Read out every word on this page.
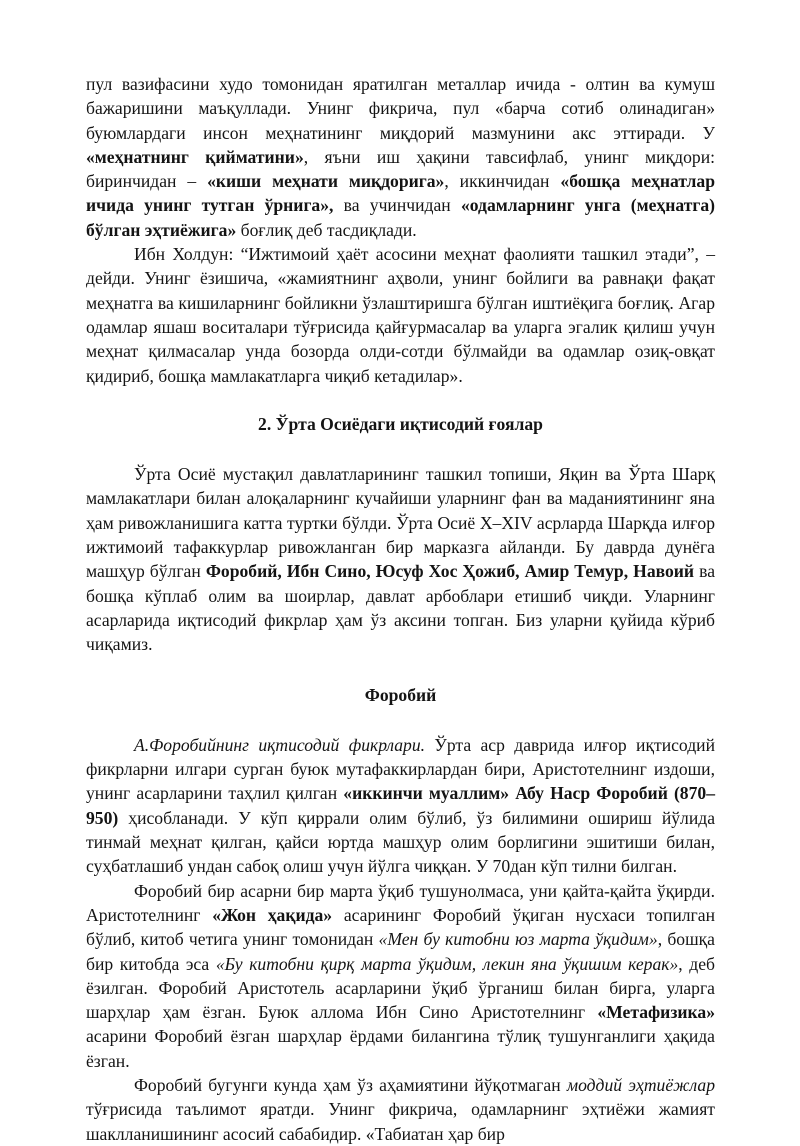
пул вазифасини худо томонидан яратилган металлар ичида - олтин ва кумуш бажаришини маъқуллади. Унинг фикрича, пул «барча сотиб олинадиган» буюмлардаги инсон меҳнатининг миқдорий мазмунини акс эттиради. У «меҳнатнинг қийматини», яъни иш ҳақини тавсифлаб, унинг миқдори: биринчидан – «киши меҳнати миқдорига», иккинчидан «бошқа меҳнатлар ичида унинг тутган ўрнига», ва учинчидан «одамларнинг унга (меҳнатга) бўлган эҳтиёжига» боғлиқ деб тасдиқлади.

Ибн Холдун: “Ижтимоий ҳаёт асосини меҳнат фаолияти ташкил этади”, – дейди. Унинг ёзишича, «жамиятнинг аҳволи, унинг бойлиги ва равнақи фақат меҳнатга ва кишиларнинг бойликни ўзлаштиришга бўлган иштиёқига боғлиқ. Агар одамлар яшаш воситалари тўғрисида қайғурмасалар ва уларга эгалик қилиш учун меҳнат қилмасалар унда бозорда олди-сотди бўлмайди ва одамлар озиқ-овқат қидириб, бошқа мамлакатларга чиқиб кетадилар».

2. Ўрта Осиёдаги иқтисодий ғоялар

Ўрта Осиё мустақил давлатларининг ташкил топиши, Яқин ва Ўрта Шарқ мамлакатлари билан алоқаларнинг кучайиши уларнинг фан ва маданиятининг яна ҳам ривожланишига катта туртки бўлди. Ўрта Осиё X–XIV асрларда Шарқда илғор ижтимоий тафаккурлар ривожланган бир марказга айланди. Бу даврда дунёга машҳур бўлган Форобий, Ибн Сино, Юсуф Хос Ҳожиб, Амир Темур, Навоий ва бошқа кўплаб олим ва шоирлар, давлат арбоблари етишиб чиқди. Уларнинг асарларида иқтисодий фикрлар ҳам ўз аксини топган. Биз уларни қуйида кўриб чиқамиз.

Форобий

А.Форобийнинг иқтисодий фикрлари. Ўрта аср даврида илғор иқтисодий фикрларни илгари сурган буюк мутафаккирлардан бири, Аристотелнинг издоши, унинг асарларини таҳлил қилган «иккинчи муаллим» Абу Наср Форобий (870–950) ҳисобланади. У кўп қиррали олим бўлиб, ўз билимини ошириш йўлида тинмай меҳнат қилган, қайси юртда машҳур олим борлигини эшитиши билан, суҳбатлашиб ундан сабоқ олиш учун йўлга чиққан. У 70дан кўп тилни билган.

Форобий бир асарни бир марта ўқиб тушунолмаса, уни қайта-қайта ўқирди. Аристотелнинг «Жон ҳақида» асарининг Форобий ўқиган нусхаси топилган бўлиб, китоб четига унинг томонидан «Мен бу китобни юз марта ўқидим», бошқа бир китобда эса «Бу китобни қирқ марта ўқидим, лекин яна ўқишим керак», деб ёзилган. Форобий Аристотель асарларини ўқиб ўрганиш билан бирга, уларга шарҳлар ҳам ёзган. Буюк аллома Ибн Сино Аристотелнинг «Метафизика» асарини Форобий ёзган шарҳлар ёрдами билангина тўлиқ тушунганлиги ҳақида ёзган.

Форобий бугунги кунда ҳам ўз аҳамиятини йўқотмаган моддий эҳтиёжлар тўғрисида таълимот яратди. Унинг фикрича, одамларнинг эҳтиёжи жамият шаклланишининг асосий сабабидир. «Табиатан ҳар бир
